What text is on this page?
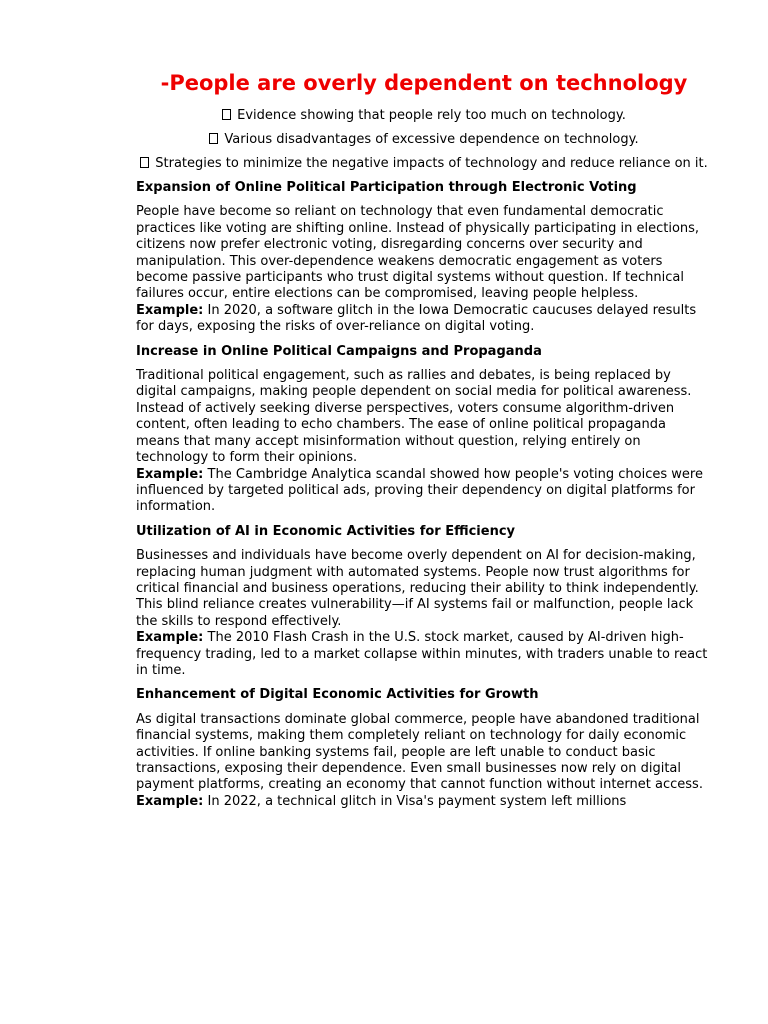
-People are overly dependent on technology
Evidence showing that people rely too much on technology.
Various disadvantages of excessive dependence on technology.
Strategies to minimize the negative impacts of technology and reduce reliance on it.
Expansion of Online Political Participation through Electronic Voting

People have become so reliant on technology that even fundamental democratic practices like voting are shifting online. Instead of physically participating in elections, citizens now prefer electronic voting, disregarding concerns over security and manipulation. This over-dependence weakens democratic engagement as voters become passive participants who trust digital systems without question. If technical failures occur, entire elections can be compromised, leaving people helpless.

Example: In 2020, a software glitch in the Iowa Democratic caucuses delayed results for days, exposing the risks of over-reliance on digital voting.

Increase in Online Political Campaigns and Propaganda

Traditional political engagement, such as rallies and debates, is being replaced by digital campaigns, making people dependent on social media for political awareness. Instead of actively seeking diverse perspectives, voters consume algorithm-driven content, often leading to echo chambers. The ease of online political propaganda means that many accept misinformation without question, relying entirely on technology to form their opinions.

Example: The Cambridge Analytica scandal showed how people's voting choices were influenced by targeted political ads, proving their dependency on digital platforms for information.

Utilization of AI in Economic Activities for Efficiency

Businesses and individuals have become overly dependent on AI for decision-making, replacing human judgment with automated systems. People now trust algorithms for critical financial and business operations, reducing their ability to think independently. This blind reliance creates vulnerability—if AI systems fail or malfunction, people lack the skills to respond effectively.

Example: The 2010 Flash Crash in the U.S. stock market, caused by AI-driven high-frequency trading, led to a market collapse within minutes, with traders unable to react in time.

Enhancement of Digital Economic Activities for Growth

As digital transactions dominate global commerce, people have abandoned traditional financial systems, making them completely reliant on technology for daily economic activities. If online banking systems fail, people are left unable to conduct basic transactions, exposing their dependence. Even small businesses now rely on digital payment platforms, creating an economy that cannot function without internet access.

Example: In 2022, a technical glitch in Visa's payment system left millions
